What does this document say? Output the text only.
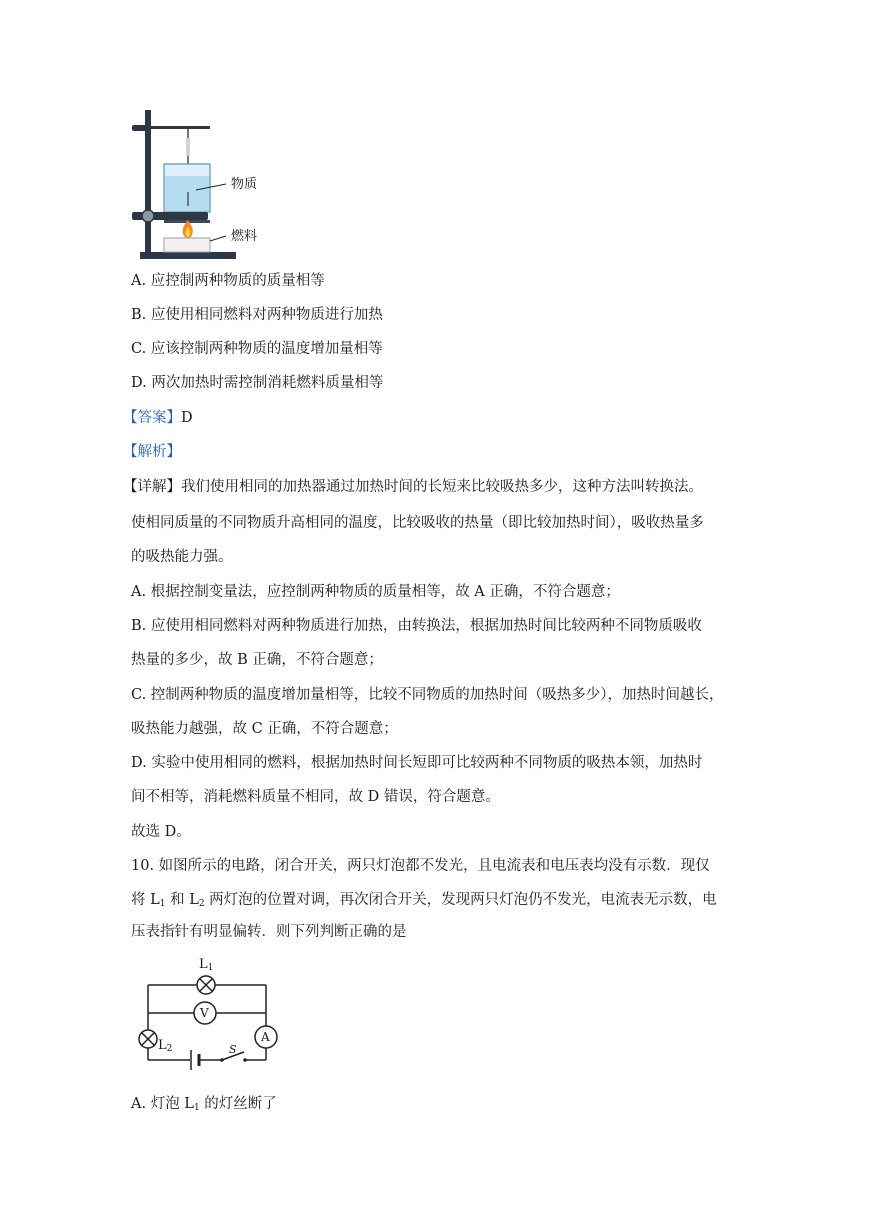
物质
燃料
A. 应控制两种物质的质量相等
B. 应使用相同燃料对两种物质进行加热
C. 应该控制两种物质的温度增加量相等
D. 两次加热时需控制消耗燃料质量相等
【答案】D
【解析】
【详解】我们使用相同的加热器通过加热时间的长短来比较吸热多少，这种方法叫转换法。
使相同质量的不同物质升高相同的温度，比较吸收的热量（即比较加热时间），吸收热量多
的吸热能力强。
A. 根据控制变量法，应控制两种物质的质量相等，故 A 正确，不符合题意；
B. 应使用相同燃料对两种物质进行加热，由转换法，根据加热时间比较两种不同物质吸收
热量的多少，故 B 正确，不符合题意；
C. 控制两种物质的温度增加量相等，比较不同物质的加热时间（吸热多少），加热时间越长，
吸热能力越强，故 C 正确，不符合题意；
D. 实验中使用相同的燃料，根据加热时间长短即可比较两种不同物质的吸热本领，加热时
间不相等，消耗燃料质量不相同，故 D 错误，符合题意。
故选 D。
10. 如图所示的电路，闭合开关，两只灯泡都不发光，且电流表和电压表均没有示数．现仅
将 $L_1$ 和 $L_2$ 两灯泡的位置对调，再次闭合开关，发现两只灯泡仍不发光，电流表无示数，电
压表指针有明显偏转．则下列判断正确的是
$L_1$
$L_2$
V
A
S
A. 灯泡 $L_1$ 的灯丝断了
